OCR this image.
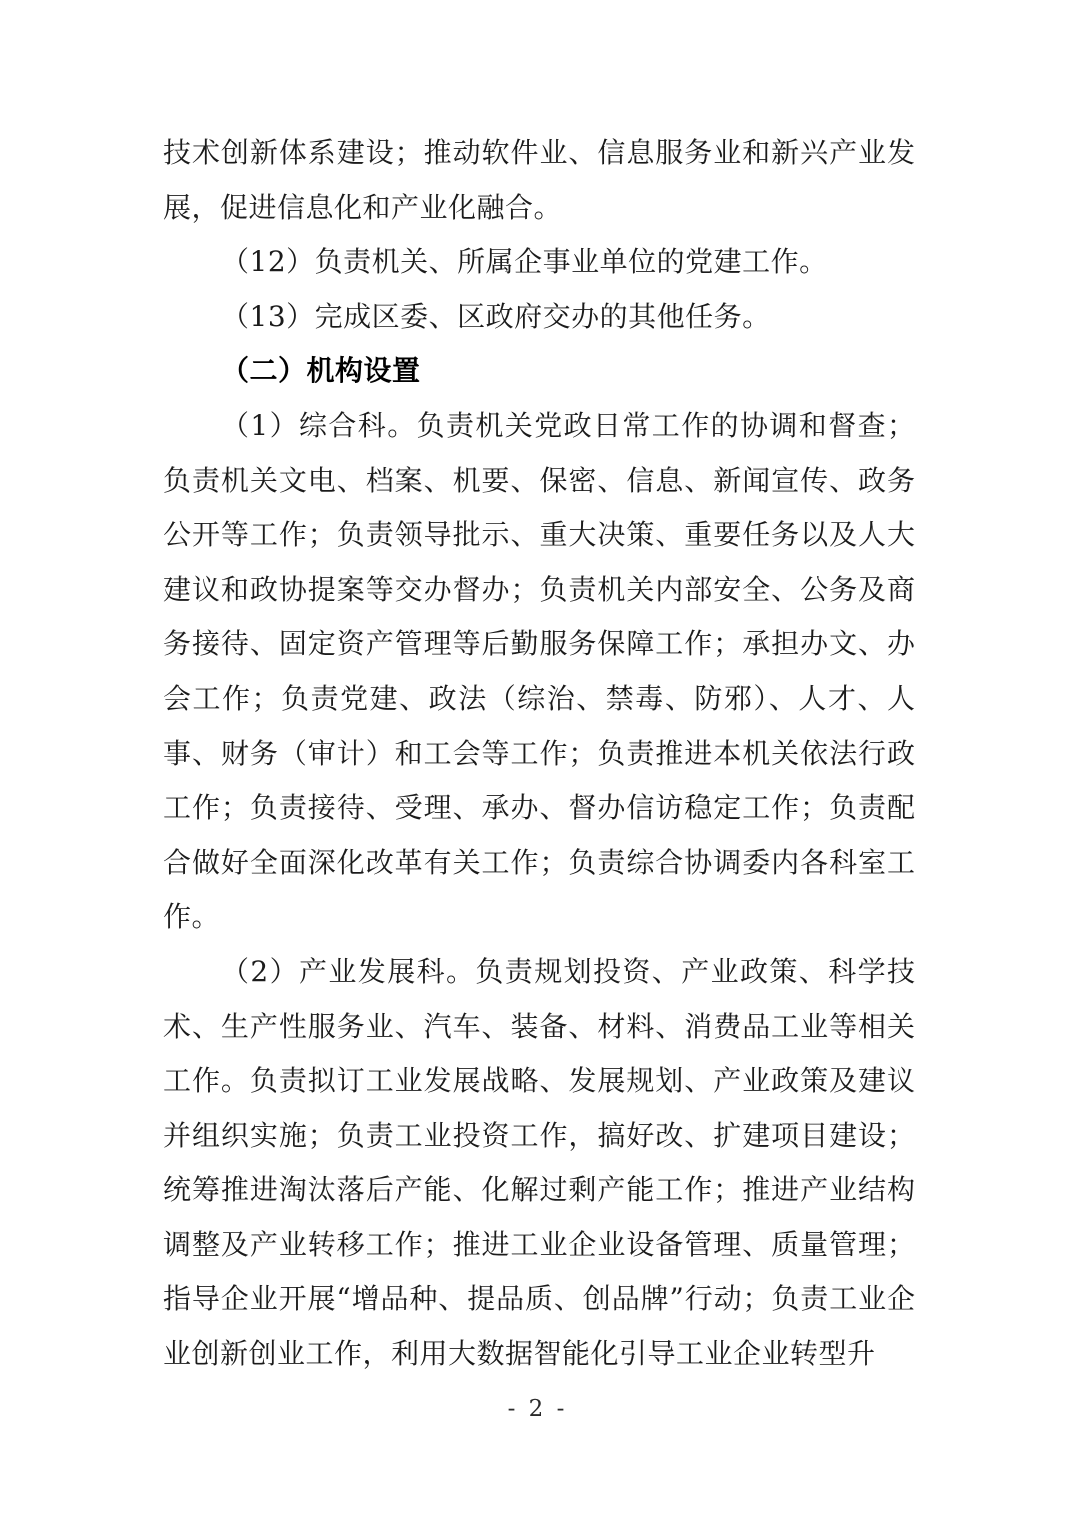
技术创新体系建设；推动软件业、信息服务业和新兴产业发
展，促进信息化和产业化融合。
（12）负责机关、所属企事业单位的党建工作。
（13）完成区委、区政府交办的其他任务。
（二）机构设置
（1）综合科。负责机关党政日常工作的协调和督查；
负责机关文电、档案、机要、保密、信息、新闻宣传、政务
公开等工作；负责领导批示、重大决策、重要任务以及人大
建议和政协提案等交办督办；负责机关内部安全、公务及商
务接待、固定资产管理等后勤服务保障工作；承担办文、办
会工作；负责党建、政法（综治、禁毒、防邪）、人才、人
事、财务（审计）和工会等工作；负责推进本机关依法行政
工作；负责接待、受理、承办、督办信访稳定工作；负责配
合做好全面深化改革有关工作；负责综合协调委内各科室工
作。
（2）产业发展科。负责规划投资、产业政策、科学技
术、生产性服务业、汽车、装备、材料、消费品工业等相关
工作。负责拟订工业发展战略、发展规划、产业政策及建议
并组织实施；负责工业投资工作，搞好改、扩建项目建设；
统筹推进淘汰落后产能、化解过剩产能工作；推进产业结构
调整及产业转移工作；推进工业企业设备管理、质量管理；
指导企业开展“增品种、提品质、创品牌”行动；负责工业企
业创新创业工作，利用大数据智能化引导工业企业转型升
- 2 -
